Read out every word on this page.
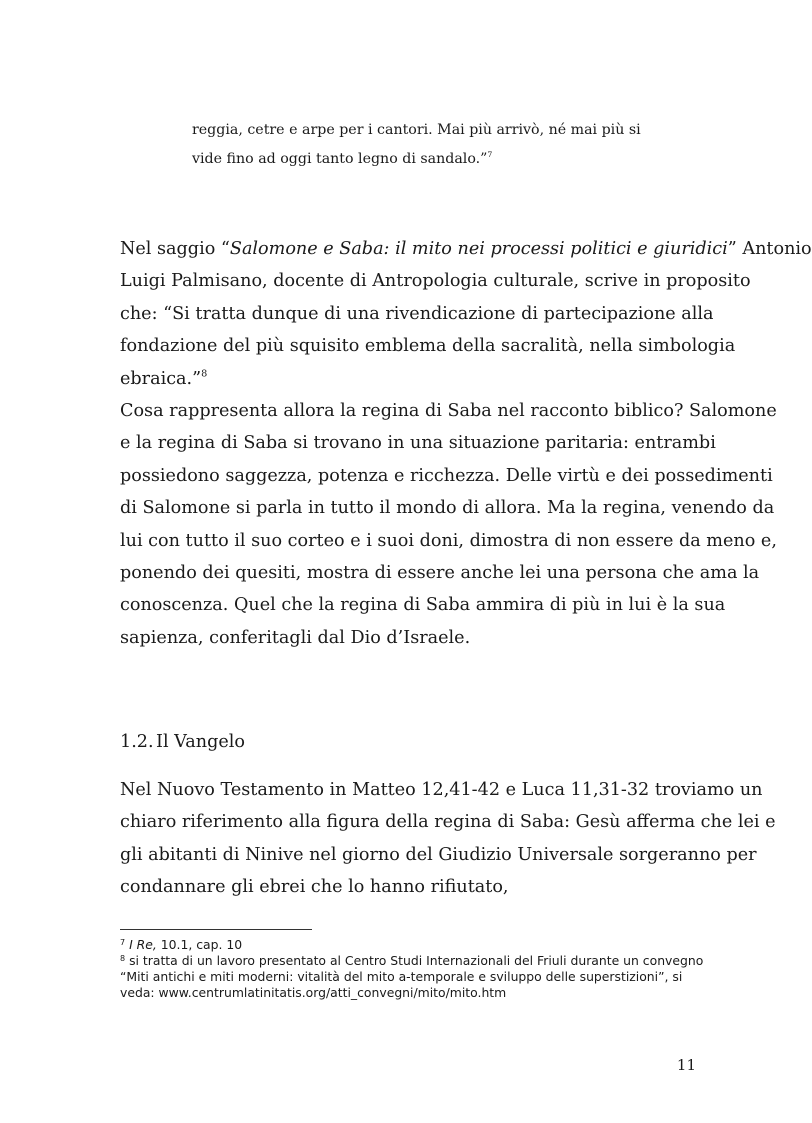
reggia, cetre e arpe per i cantori. Mai più arrivò, né mai più si

vide fino ad oggi tanto legno di sandalo.”$^7$

Nel saggio “Salomone e Saba: il mito nei processi politici e giuridici” Antonio
Luigi Palmisano, docente di Antropologia culturale, scrive in proposito
che: “Si tratta dunque di una rivendicazione di partecipazione alla
fondazione del più squisito emblema della sacralità, nella simbologia
ebraica.”$^8$
Cosa rappresenta allora la regina di Saba nel racconto biblico? Salomone
e la regina di Saba si trovano in una situazione paritaria: entrambi
possiedono saggezza, potenza e ricchezza. Delle virtù e dei possedimenti
di Salomone si parla in tutto il mondo di allora. Ma la regina, venendo da
lui con tutto il suo corteo e i suoi doni, dimostra di non essere da meno e,
ponendo dei quesiti, mostra di essere anche lei una persona che ama la
conoscenza. Quel che la regina di Saba ammira di più in lui è la sua
sapienza, conferitagli dal Dio d’Israele.

1.2. Il Vangelo

Nel Nuovo Testamento in Matteo 12,41-42 e Luca 11,31-32 troviamo un
chiaro riferimento alla figura della regina di Saba: Gesù afferma che lei e
gli abitanti di Ninive nel giorno del Giudizio Universale sorgeranno per
condannare gli ebrei che lo hanno rifiutato,

$^7$ I Re, 10.1, cap. 10

$^8$ si tratta di un lavoro presentato al Centro Studi Internazionali del Friuli durante un convegno

“Miti antichi e miti moderni: vitalità del mito a-temporale e sviluppo delle superstizioni”, si

veda: www.centrumlatinitatis.org/atti_convegni/mito/mito.htm

11
